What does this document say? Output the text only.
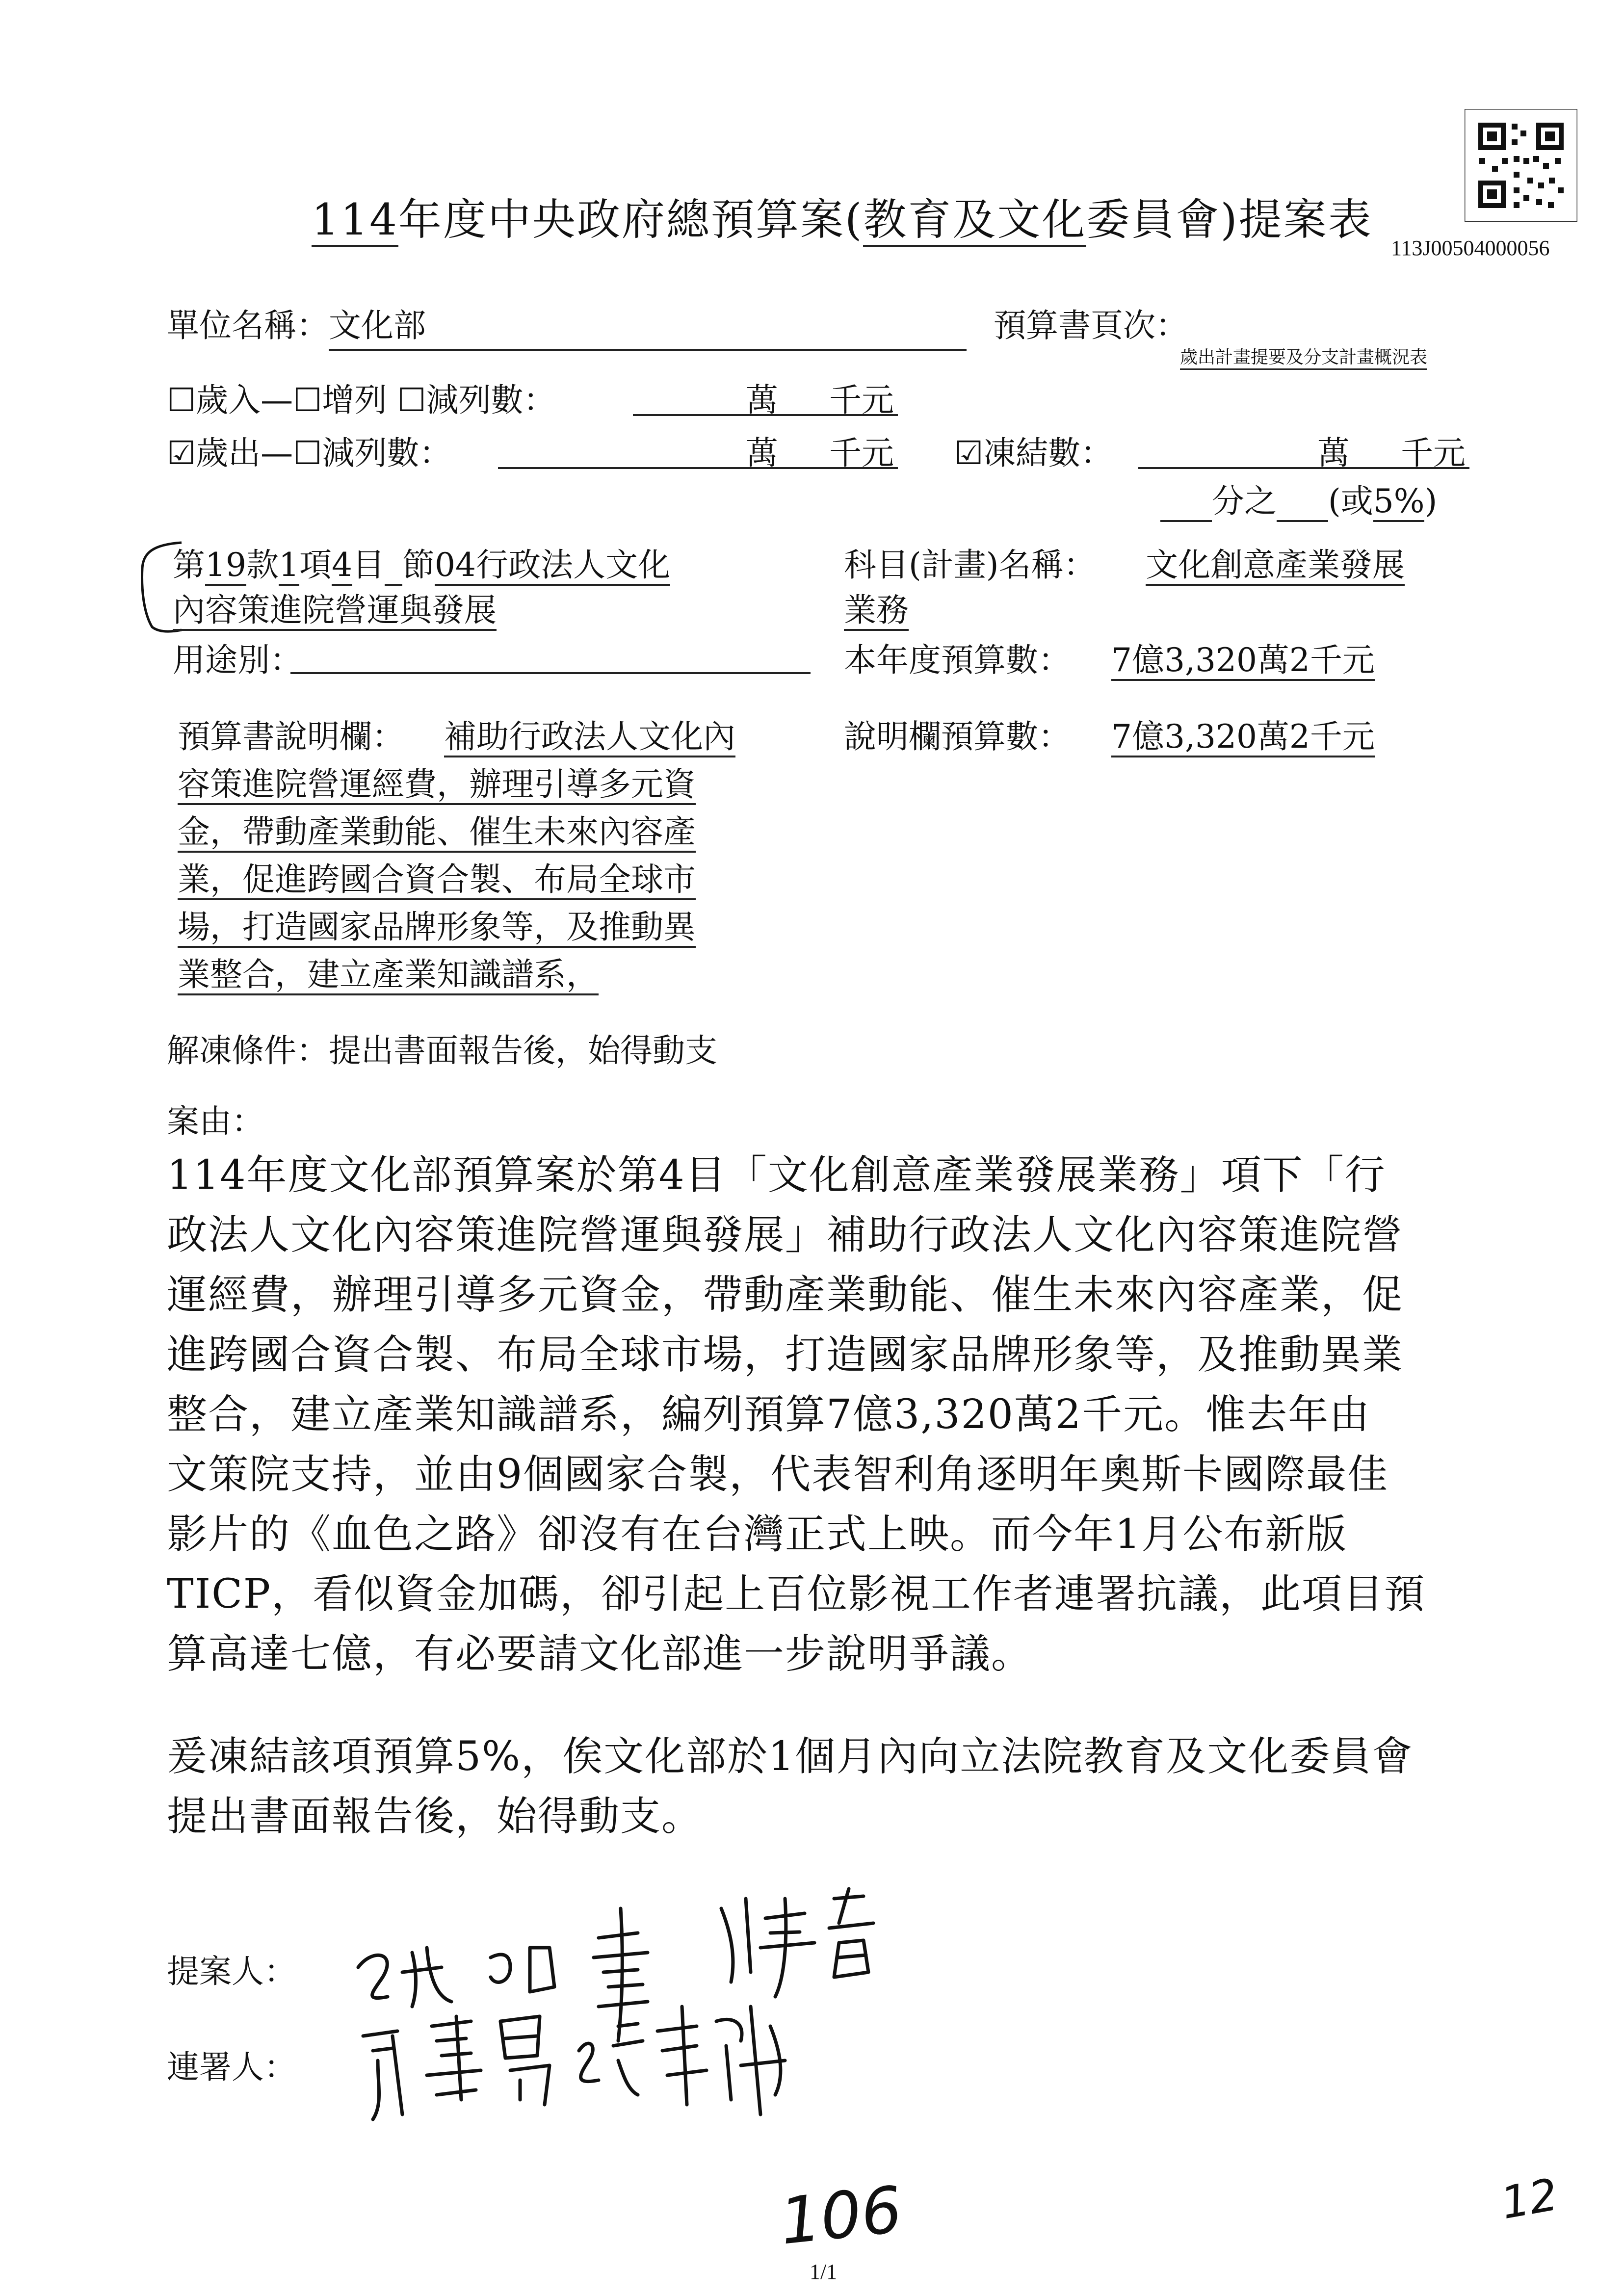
113J00504000056
114年度中央政府總預算案(教育及文化委員會)提案表
單位名稱： 文化部	預算書頁次：
歲出計畫提要及分支計畫概況表
☐歲入—☐增列 ☐減列數：	萬 千元
☑歲出—☐減列數：	萬 千元 ☑凍結數：	萬 千元
分之 (或5%)
第19款1項4目 節04行政法人文化
內容策進院營運與發展
科目(計畫)名稱： 文化創意產業發展
業務
用途別：	本年度預算數： 7億3,320萬2千元
預算書說明欄：	說明欄預算數： 7億3,320萬2千元
補助行政法人文化內
容策進院營運經費，辦理引導多元資
金，帶動產業動能、催生未來內容產
業，促進跨國合資合製、布局全球市
場，打造國家品牌形象等，及推動異
業整合，建立產業知識譜系，
解凍條件：提出書面報告後，始得動支
案由：
114年度文化部預算案於第4目「文化創意產業發展業務」項下「行
政法人文化內容策進院營運與發展」補助行政法人文化內容策進院營
運經費，辦理引導多元資金，帶動產業動能、催生未來內容產業，促
進跨國合資合製、布局全球市場，打造國家品牌形象等，及推動異業
整合，建立產業知識譜系，編列預算7億3,320萬2千元。惟去年由
文策院支持，並由9個國家合製，代表智利角逐明年奧斯卡國際最佳
影片的《血色之路》卻沒有在台灣正式上映。而今年1月公布新版
TICP，看似資金加碼，卻引起上百位影視工作者連署抗議，此項目預
算高達七億，有必要請文化部進一步說明爭議。
爰凍結該項預算5%，俟文化部於1個月內向立法院教育及文化委員會
提出書面報告後，始得動支。
提案人：
連署人：
106	12
1/1
